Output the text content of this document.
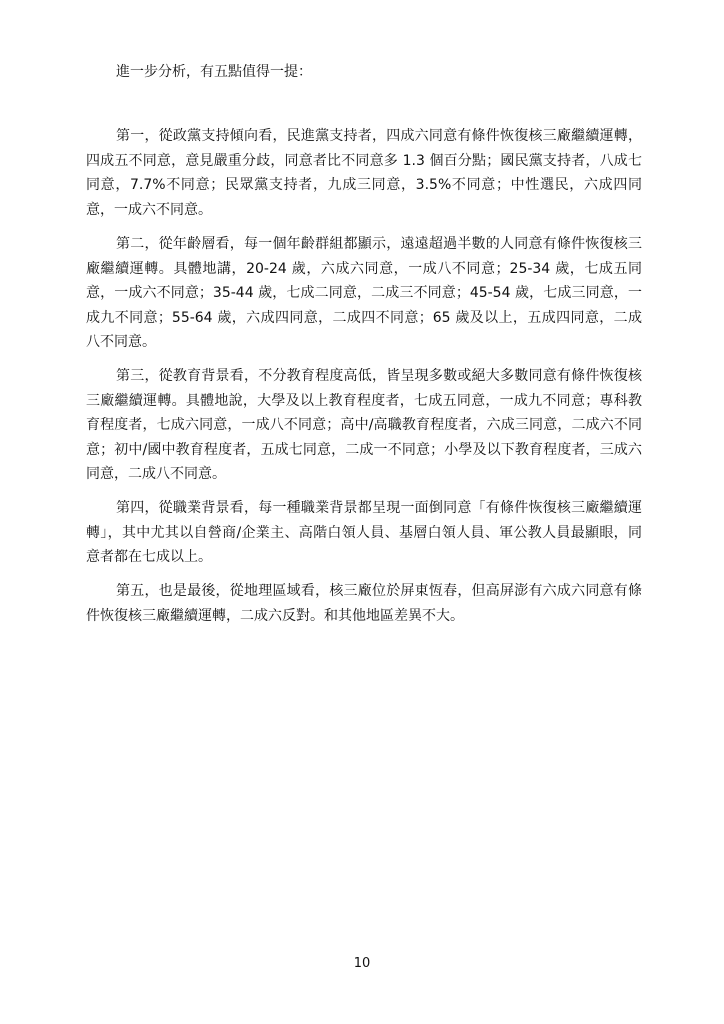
進一步分析，有五點值得一提：

第一，從政黨支持傾向看，民進黨支持者，四成六同意有條件恢復核三廠繼續運轉，四成五不同意，意見嚴重分歧，同意者比不同意多 1.3 個百分點；國民黨支持者，八成七同意，7.7%不同意；民眾黨支持者，九成三同意，3.5%不同意；中性選民，六成四同意，一成六不同意。

第二，從年齡層看，每一個年齡群組都顯示，遠遠超過半數的人同意有條件恢復核三廠繼續運轉。具體地講，20-24 歲，六成六同意，一成八不同意；25-34 歲，七成五同意，一成六不同意；35-44 歲，七成二同意，二成三不同意；45-54 歲，七成三同意，一成九不同意；55-64 歲，六成四同意，二成四不同意；65 歲及以上，五成四同意，二成八不同意。

第三，從教育背景看，不分教育程度高低，皆呈現多數或絕大多數同意有條件恢復核三廠繼續運轉。具體地說，大學及以上教育程度者，七成五同意，一成九不同意；專科教育程度者，七成六同意，一成八不同意；高中/高職教育程度者，六成三同意，二成六不同意；初中/國中教育程度者，五成七同意，二成一不同意；小學及以下教育程度者，三成六同意，二成八不同意。

第四，從職業背景看，每一種職業背景都呈現一面倒同意「有條件恢復核三廠繼續運轉」，其中尤其以自營商/企業主、高階白領人員、基層白領人員、軍公教人員最顯眼，同意者都在七成以上。

第五，也是最後，從地理區域看，核三廠位於屏東恆春，但高屏澎有六成六同意有條件恢復核三廠繼續運轉，二成六反對。和其他地區差異不大。

10
